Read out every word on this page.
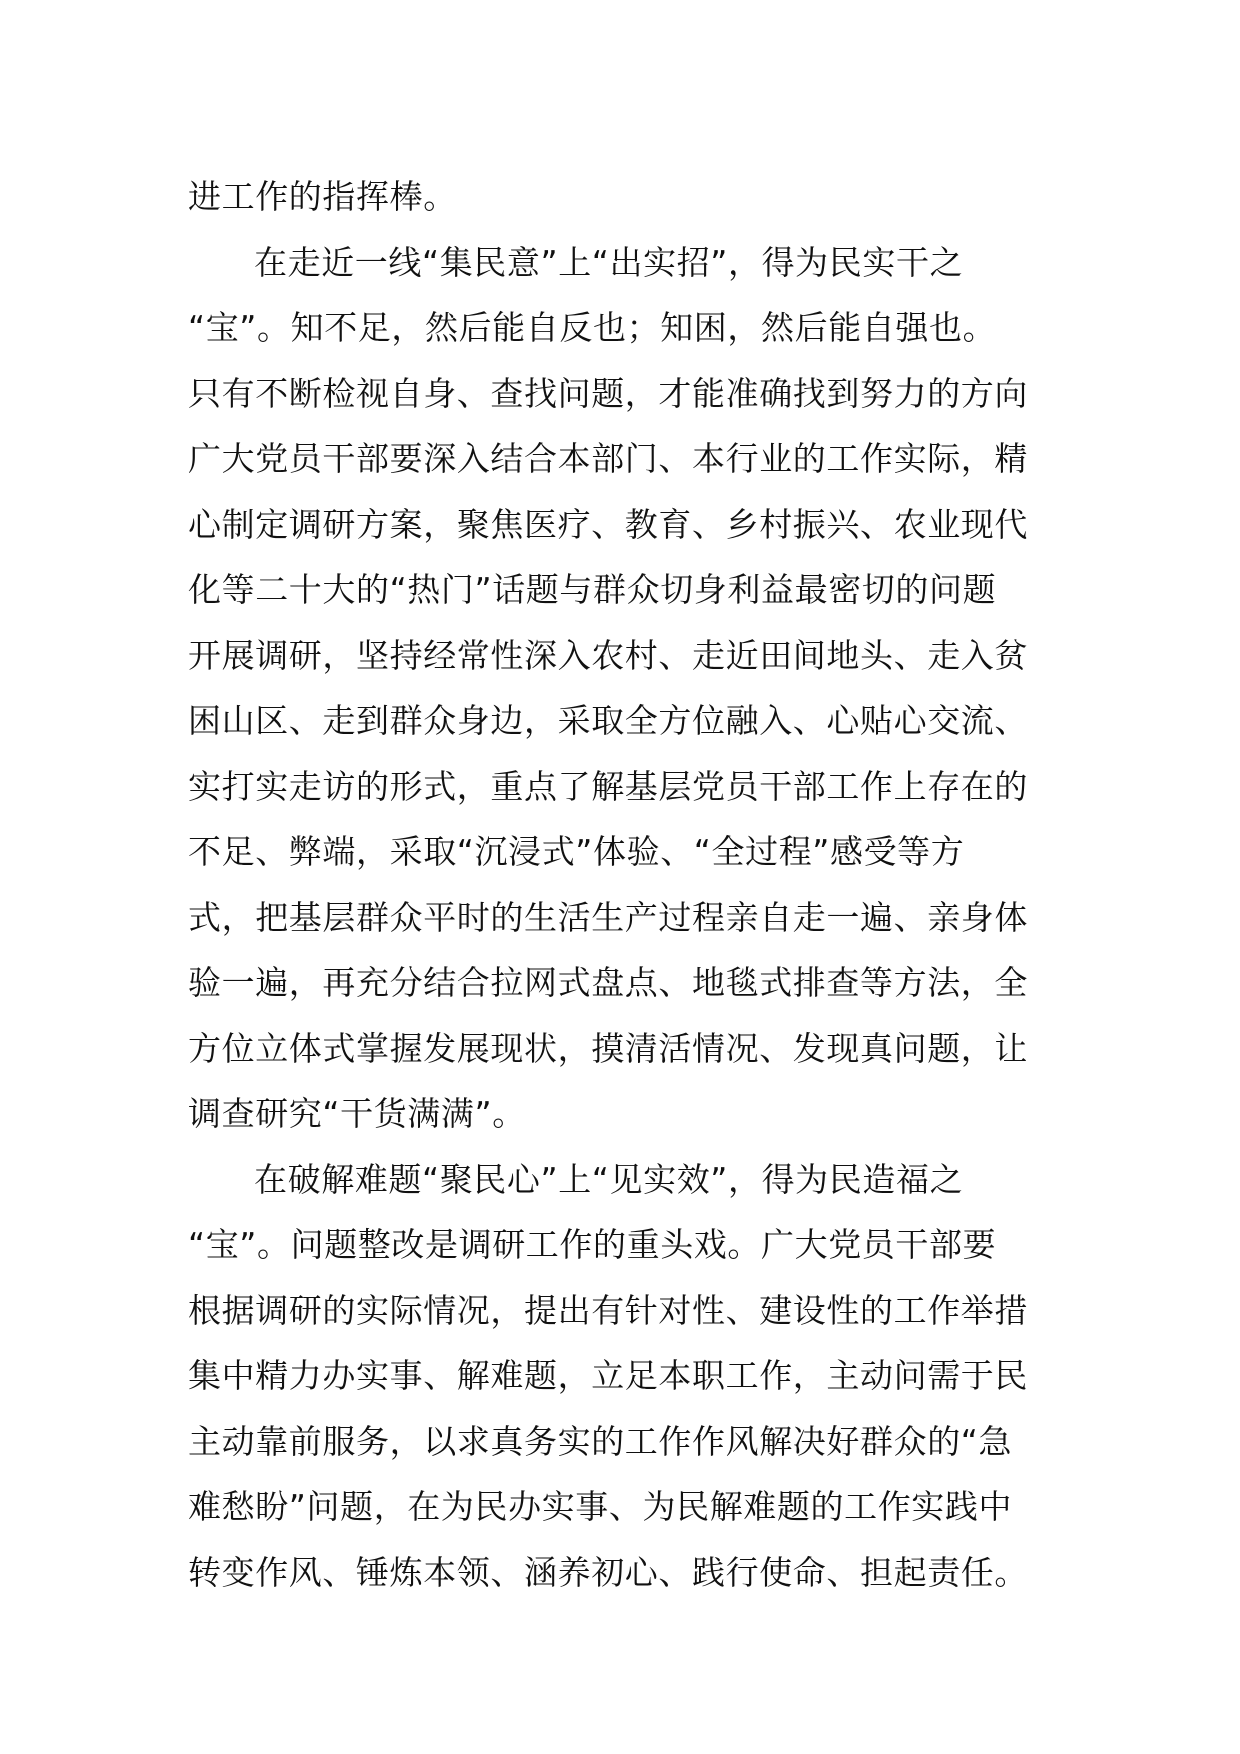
进工作的指挥棒。
在走近一线“集民意”上“出实招”，得为民实干之
“宝”。知不足，然后能自反也；知困，然后能自强也。
只有不断检视自身、查找问题，才能准确找到努力的方向
广大党员干部要深入结合本部门、本行业的工作实际，精
心制定调研方案，聚焦医疗、教育、乡村振兴、农业现代
化等二十大的“热门”话题与群众切身利益最密切的问题
开展调研，坚持经常性深入农村、走近田间地头、走入贫
困山区、走到群众身边，采取全方位融入、心贴心交流、
实打实走访的形式，重点了解基层党员干部工作上存在的
不足、弊端，采取“沉浸式”体验、“全过程”感受等方
式，把基层群众平时的生活生产过程亲自走一遍、亲身体
验一遍，再充分结合拉网式盘点、地毯式排查等方法，全
方位立体式掌握发展现状，摸清活情况、发现真问题，让
调查研究“干货满满”。
在破解难题“聚民心”上“见实效”，得为民造福之
“宝”。问题整改是调研工作的重头戏。广大党员干部要
根据调研的实际情况，提出有针对性、建设性的工作举措
集中精力办实事、解难题，立足本职工作，主动问需于民
主动靠前服务，以求真务实的工作作风解决好群众的“急
难愁盼”问题，在为民办实事、为民解难题的工作实践中
转变作风、锤炼本领、涵养初心、践行使命、担起责任。
